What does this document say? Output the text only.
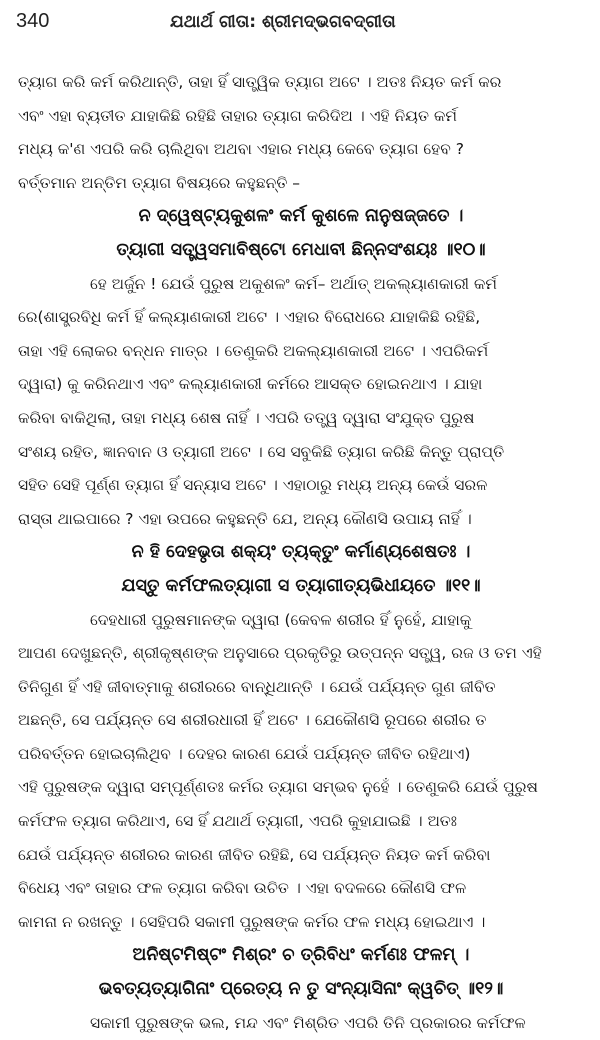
340	ଯଥାର୍ଥ ଗୀତା: ଶ୍ରୀମଦ୍ଭଗବଦ୍ଗୀତା
ତ୍ୟାଗ କରି କର୍ମ କରିଥାନ୍ତି, ତାହା ହିଁ ସାତ୍ତ୍ୱିକ ତ୍ୟାଗ ଅଟେ । ଅତଃ ନିୟତ କର୍ମ କର
ଏବଂ ଏହା ବ୍ୟତୀତ ଯାହାକିଛି ରହିଛି ତାହାର ତ୍ୟାଗ କରିଦିଅ । ଏହି ନିୟତ କର୍ମ
ମଧ୍ୟ କ'ଣ ଏପରି କରି ଚାଲିଥିବା ଅଥବା ଏହାର ମଧ୍ୟ କେବେ ତ୍ୟାଗ ହେବ ?
ବର୍ତ୍ତମାନ ଅନ୍ତିମ ତ୍ୟାଗ ବିଷୟରେ କହୁଛନ୍ତି –
ନ ଦ୍ୱେଷ୍ଟ୍ୟକୁଶଳଂ କର୍ମ କୁଶଳେ ନାନୁଷଜ୍ଜତେ ।
ତ୍ୟାଗୀ ସତ୍ତ୍ୱସମାବିଷ୍ଟୋ ମେଧାବୀ ଛିନ୍ନସଂଶୟଃ ॥୧୦॥
ହେ ଅର୍ଜୁନ ! ଯେଉଁ ପୁରୁଷ ଅକୁଶଳଂ କର୍ମ– ଅର୍ଥାତ୍ ଅକଲ୍ୟାଣକାରୀ କର୍ମ
ରେ(ଶାସ୍ତ୍ରବିଧି କର୍ମ ହିଁ କଲ୍ୟାଣକାରୀ ଅଟେ । ଏହାର ବିରୋଧରେ ଯାହାକିଛି ରହିଛି,
ତାହା ଏହି ଲୋକର ବନ୍ଧନ ମାତ୍ର । ତେଣୁକରି ଅକଲ୍ୟାଣକାରୀ ଅଟେ । ଏପରିକର୍ମ
ଦ୍ୱାରା) କୁ କରିନଥାଏ ଏବଂ କଲ୍ୟାଣକାରୀ କର୍ମରେ ଆସକ୍ତ ହୋଇନଥାଏ । ଯାହା
କରିବା ବାକିଥିଲା, ତାହା ମଧ୍ୟ ଶେଷ ନାହିଁ । ଏପରି ତତ୍ତ୍ୱ ଦ୍ୱାରା ସଂଯୁକ୍ତ ପୁରୁଷ
ସଂଶୟ ରହିତ, ଜ୍ଞାନବାନ ଓ ତ୍ୟାଗୀ ଅଟେ । ସେ ସବୁକିଛି ତ୍ୟାଗ କରିଛି କିନ୍ତୁ ପ୍ରାପ୍ତି
ସହିତ ସେହି ପୂର୍ଣ୍ଣ ତ୍ୟାଗ ହିଁ ସନ୍ୟାସ ଅଟେ । ଏହାଠାରୁ ମଧ୍ୟ ଅନ୍ୟ କେଉଁ ସରଳ
ରାସ୍ତା ଥାଇପାରେ ? ଏହା ଉପରେ କହୁଛନ୍ତି ଯେ, ଅନ୍ୟ କୌଣସି ଉପାୟ ନାହିଁ ।
ନ ହି ଦେହଭୃତା ଶକ୍ୟଂ ତ୍ୟକ୍ତୁଂ କର୍ମାଣ୍ୟଶେଷତଃ ।
ଯସ୍ତୁ କର୍ମଫଲତ୍ୟାଗୀ ସ ତ୍ୟାଗୀତ୍ୟଭିଧୀୟତେ ॥୧୧॥
ଦେହଧାରୀ ପୁରୁଷମାନଙ୍କ ଦ୍ୱାରା (କେବଳ ଶରୀର ହିଁ ନୁହେଁ, ଯାହାକୁ
ଆପଣ ଦେଖୁଛନ୍ତି, ଶ୍ରୀକୃଷ୍ଣଙ୍କ ଅନୁସାରେ ପ୍ରକୃତିରୁ ଉତ୍ପନ୍ନ ସତ୍ତ୍ୱ, ରଜ ଓ ତମ ଏହି
ତିନିଗୁଣ ହିଁ ଏହି ଜୀବାତ୍ମାକୁ ଶରୀରରେ ବାନ୍ଧିଥାନ୍ତି । ଯେଉଁ ପର୍ଯ୍ୟନ୍ତ ଗୁଣ ଜୀବିତ
ଅଛନ୍ତି, ସେ ପର୍ଯ୍ୟନ୍ତ ସେ ଶରୀରଧାରୀ ହିଁ ଅଟେ । ଯେକୌଣସି ରୂପରେ ଶରୀର ତ
ପରିବର୍ତ୍ତନ ହୋଇଚାଲିଥିବ । ଦେହର କାରଣ ଯେଉଁ ପର୍ଯ୍ୟନ୍ତ ଜୀବିତ ରହିଥାଏ)
ଏହି ପୁରୁଷଙ୍କ ଦ୍ୱାରା ସମ୍ପୂର୍ଣ୍ଣତଃ କର୍ମର ତ୍ୟାଗ ସମ୍ଭବ ନୁହେଁ । ତେଣୁକରି ଯେଉଁ ପୁରୁଷ
କର୍ମଫଳ ତ୍ୟାଗ କରିଥାଏ, ସେ ହିଁ ଯଥାର୍ଥ ତ୍ୟାଗୀ, ଏପରି କୁହାଯାଇଛି । ଅତଃ
ଯେଉଁ ପର୍ଯ୍ୟନ୍ତ ଶରୀରର କାରଣ ଜୀବିତ ରହିଛି, ସେ ପର୍ଯ୍ୟନ୍ତ ନିୟତ କର୍ମ କରିବା
ବିଧେୟ ଏବଂ ତାହାର ଫଳ ତ୍ୟାଗ କରିବା ଉଚିତ । ଏହା ବଦଳରେ କୌଣସି ଫଳ
କାମନା ନ ରଖନ୍ତୁ । ସେହିପରି ସକାମୀ ପୁରୁଷଙ୍କ କର୍ମର ଫଳ ମଧ୍ୟ ହୋଇଥାଏ ।
ଅନିଷ୍ଟମିଷ୍ଟଂ ମିଶ୍ରଂ ଚ ତ୍ରିବିଧଂ କର୍ମଣଃ ଫଳମ୍ ।
ଭବତ୍ୟତ୍ୟାଗିନାଂ ପ୍ରେତ୍ୟ ନ ତୁ ସଂନ୍ୟାସିନାଂ କ୍ୱଚିତ୍ ॥୧୨॥
ସକାମୀ ପୁରୁଷଙ୍କ ଭଲ, ମନ୍ଦ ଏବଂ ମିଶ୍ରିତ ଏପରି ତିନି ପ୍ରକାରର କର୍ମଫଳ
